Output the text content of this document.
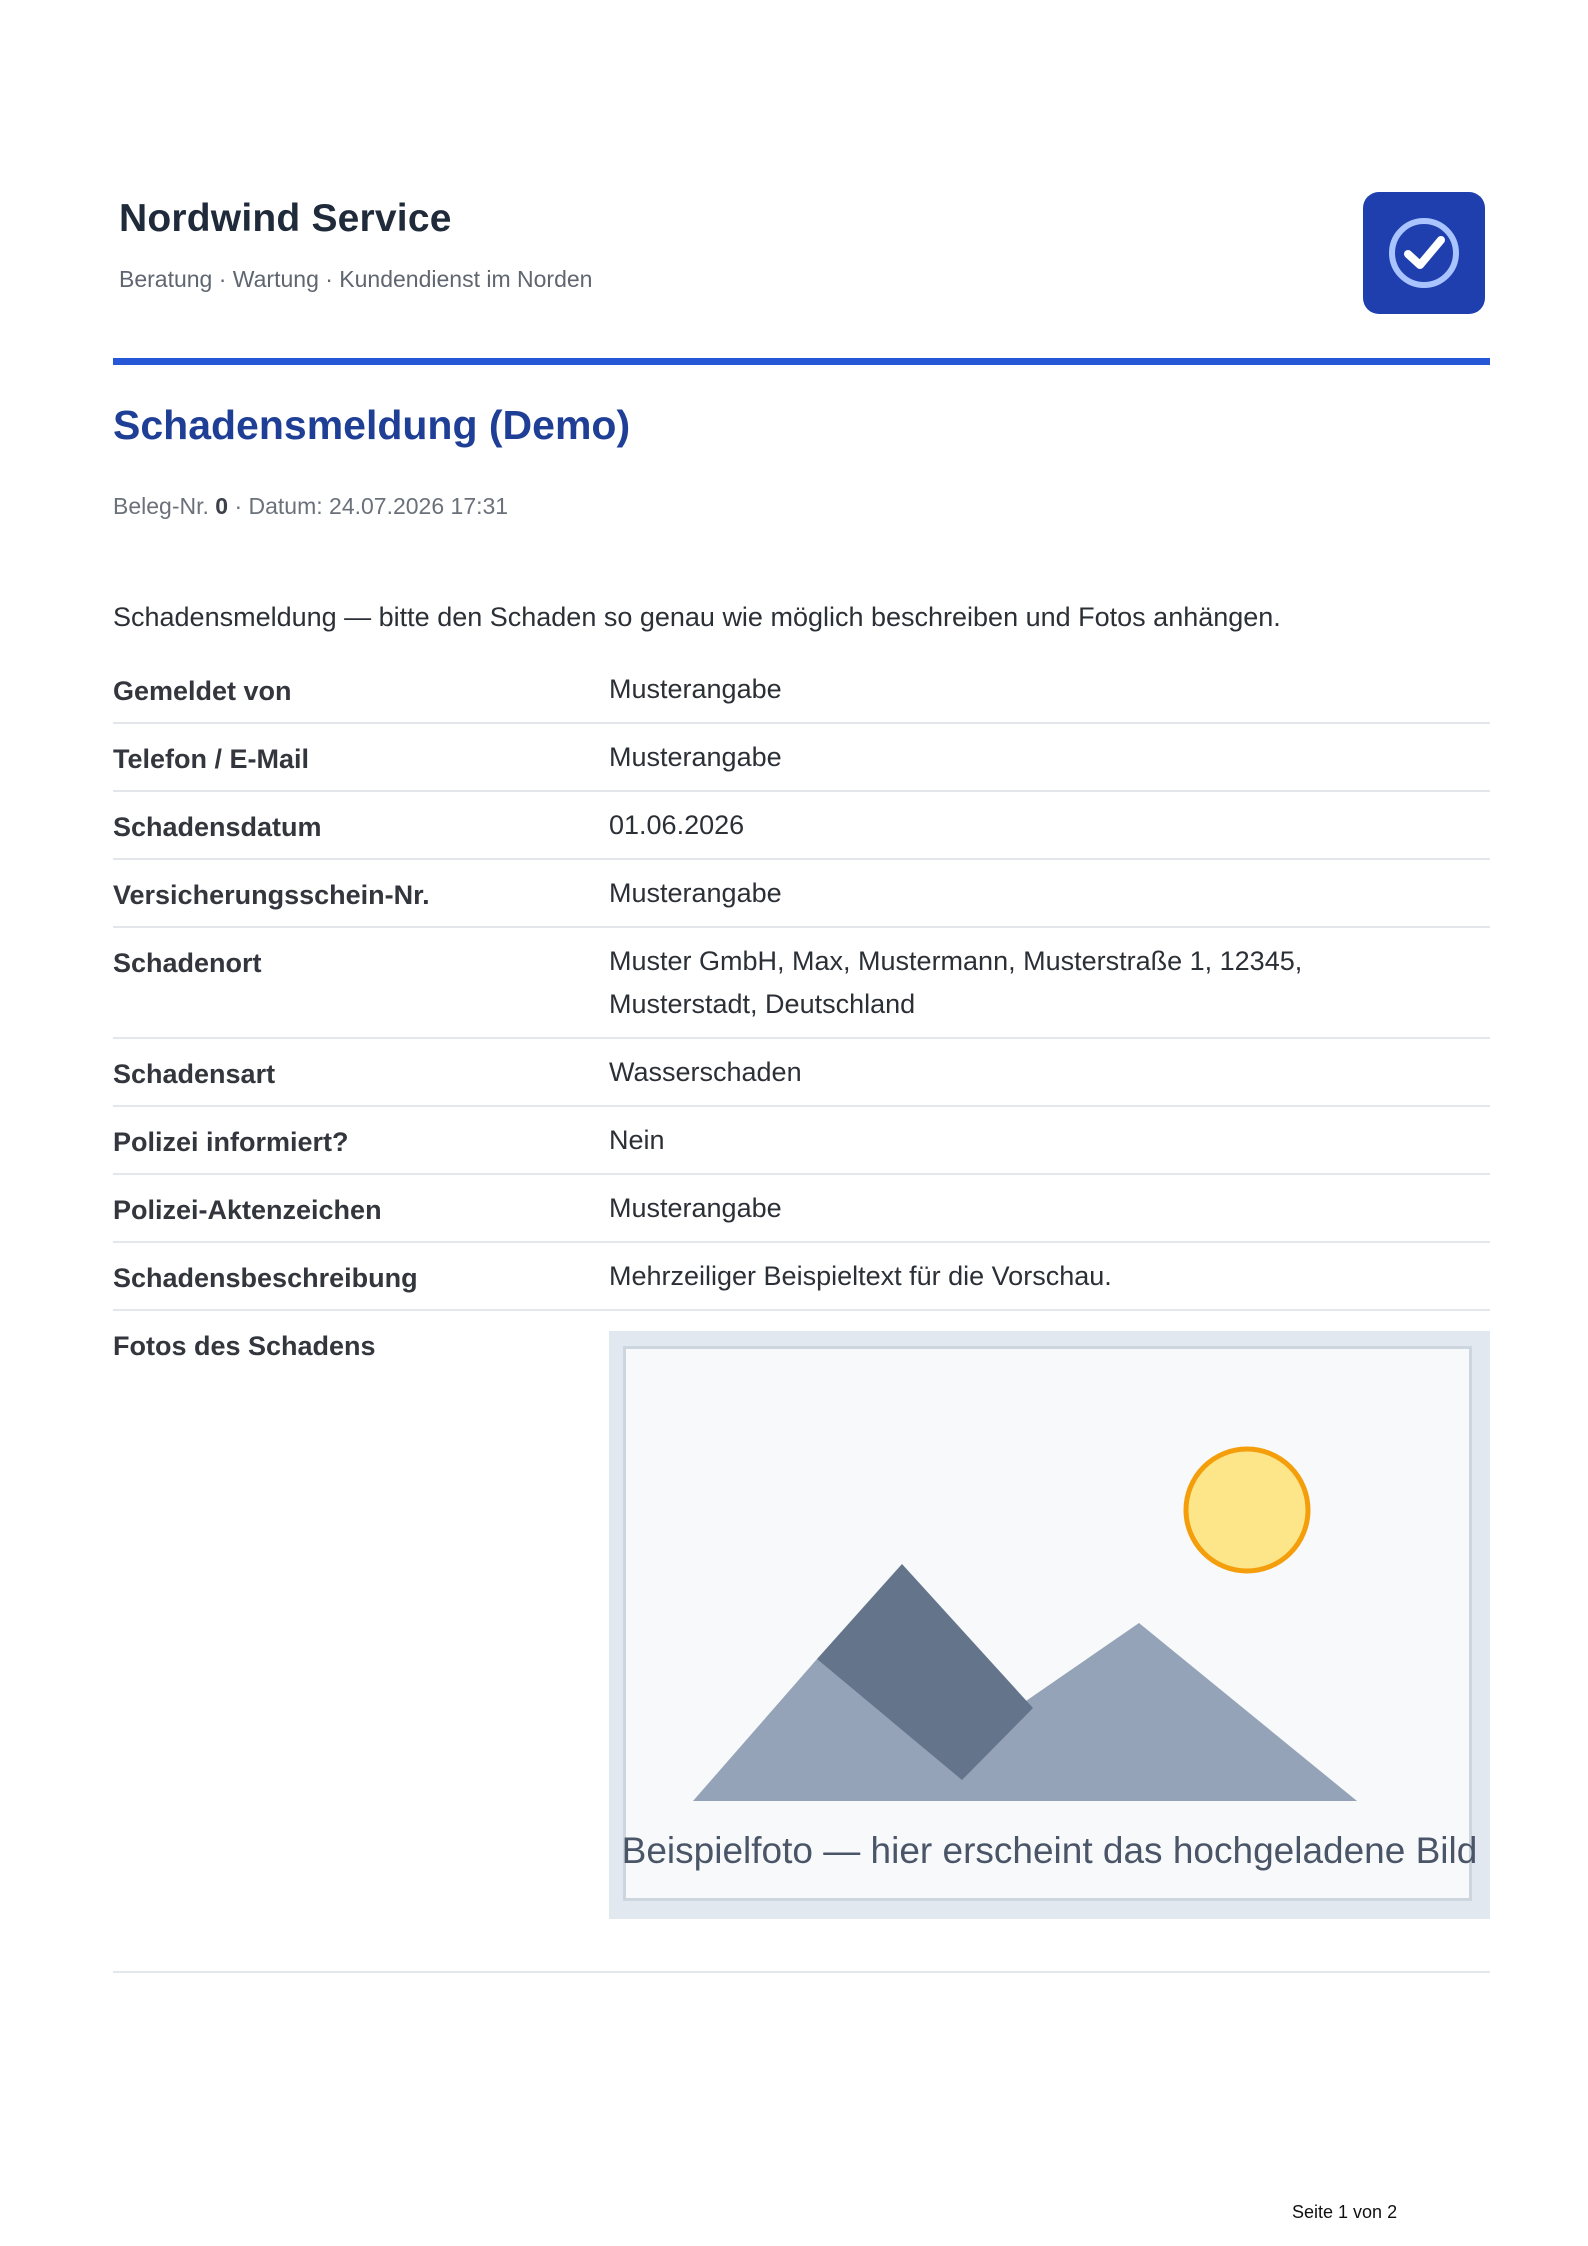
Nordwind Service
Beratung · Wartung · Kundendienst im Norden
Schadensmeldung (Demo)
Beleg-Nr. 0 · Datum: 24.07.2026 17:31
Schadensmeldung — bitte den Schaden so genau wie möglich beschreiben und Fotos anhängen.
Gemeldet von	Musterangabe
Telefon / E-Mail	Musterangabe
Schadensdatum	01.06.2026
Versicherungsschein-Nr.	Musterangabe
Schadenort	Muster GmbH, Max, Mustermann, Musterstraße 1, 12345, Musterstadt, Deutschland
Schadensart	Wasserschaden
Polizei informiert?	Nein
Polizei-Aktenzeichen	Musterangabe
Schadensbeschreibung	Mehrzeiliger Beispieltext für die Vorschau.
Fotos des Schadens
Beispielfoto — hier erscheint das hochgeladene Bild
Seite 1 von 2
